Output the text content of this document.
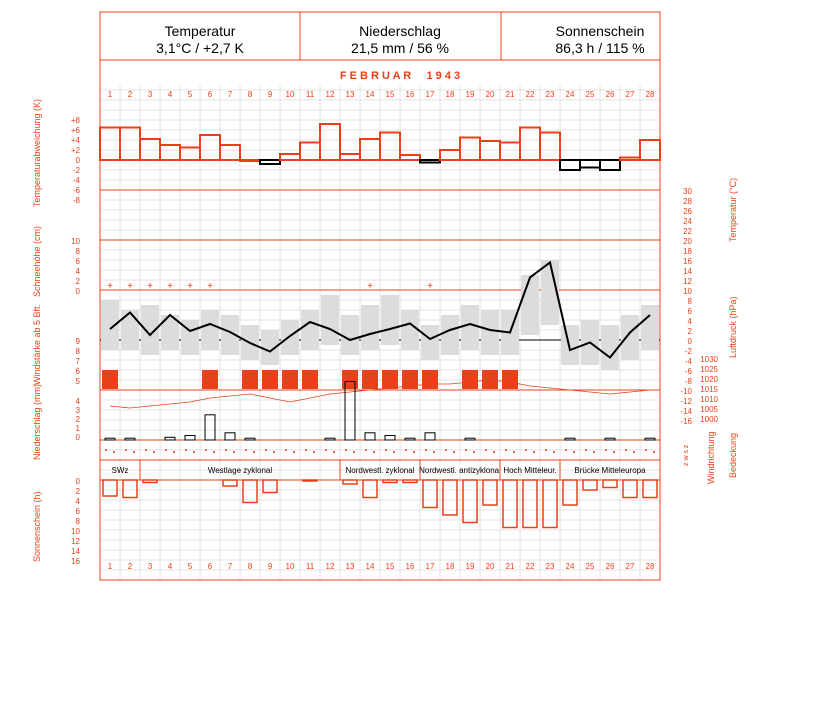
Temperatur
3,1°C / +2,7 K
Niederschlag
21,5 mm / 56 %
Sonnenschein
86,3 h / 115 %
F E B R U A R     1 9 4 3
1 2 3 4 5 6 7 8 9 10 11 12 13 14 15 16 17 18 19 20 21 22 23 24 25 26 27 28
1 2 3 4 5 6 7 8 9 10 11 12 13 14 15 16 17 18 19 20 21 22 23 24 25 26 27 28
+8
+6
+4
+2
0
-2
-4
-6
-8
30
28
26
24
22
20
18
16
14
12
10
8
6
4
2
0
-2
-4
-6
-8
-10
-12
-14
-16
10
8
6
4
2
0
9
8
7
6
5
4
3
2
1
0
0
2
4
6
8
10
12
14
16
1030
1025
1020
1015
1010
1005
1000
+ + + + + +	+	+
SWz	Westlage zyklonal	Nordwestl. zyklonal Nordwestl. antizyklonal Hoch Mitteleur. Brücke Mitteleuropa
Temperaturabweichung (K)
Schneehöhe (cm)
Windstärke ab 5 Bft.
Niederschlag (mm)
Sonnenschein (h)
Temperatur (°C)
Luftdruck (hPa)
Windrichtung Bedeckung
z w s z
